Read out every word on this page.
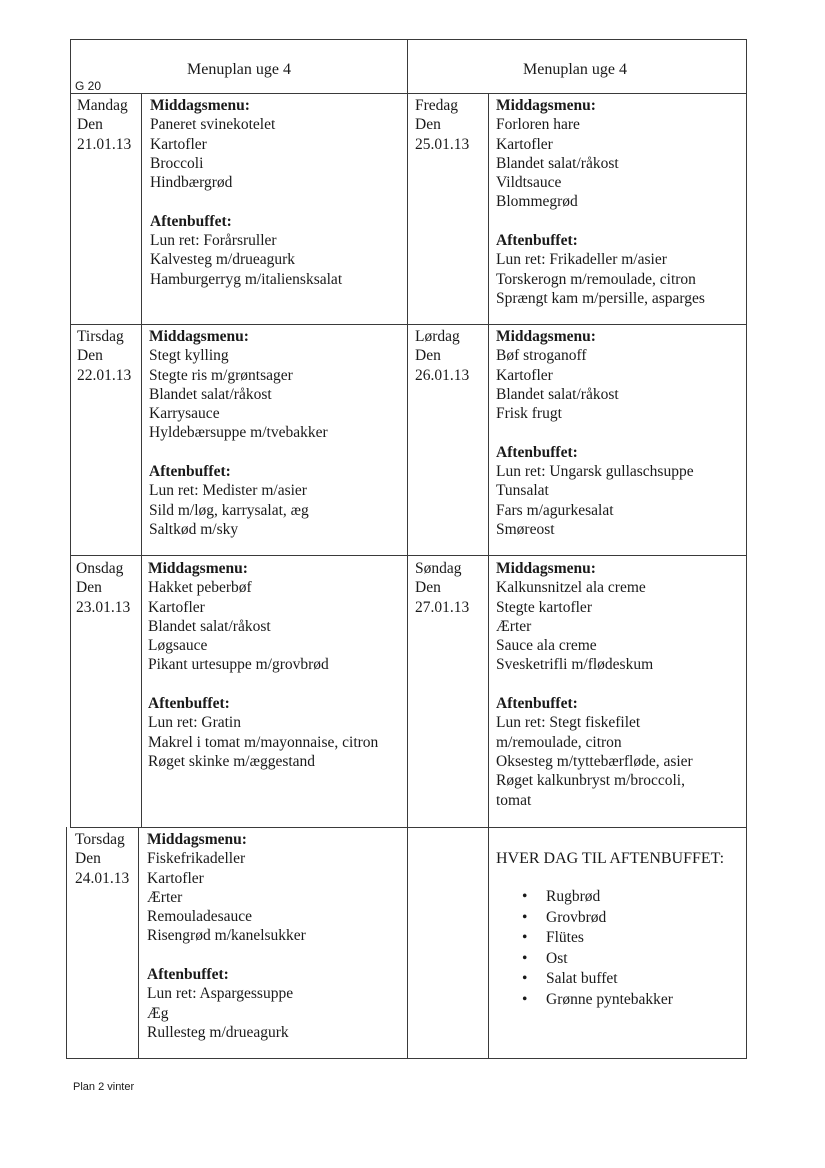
Menuplan uge 4	Menuplan uge 4
G 20
Mandag
Den
21.01.13
Middagsmenu:
Paneret svinekotelet
Kartofler
Broccoli
Hindbærgrød
Aftenbuffet:
Lun ret: Forårsruller
Kalvesteg m/drueagurk
Hamburgerryg m/italiensksalat
Fredag
Den
25.01.13
Middagsmenu:
Forloren hare
Kartofler
Blandet salat/råkost
Vildtsauce
Blommegrød
Aftenbuffet:
Lun ret: Frikadeller m/asier
Torskerogn m/remoulade, citron
Sprængt kam m/persille, asparges
Tirsdag
Den
22.01.13
Middagsmenu:
Stegt kylling
Stegte ris m/grøntsager
Blandet salat/råkost
Karrysauce
Hyldebærsuppe m/tvebakker
Aftenbuffet:
Lun ret: Medister m/asier
Sild m/løg, karrysalat, æg
Saltkød m/sky
Lørdag
Den
26.01.13
Middagsmenu:
Bøf stroganoff
Kartofler
Blandet salat/råkost
Frisk frugt
Aftenbuffet:
Lun ret: Ungarsk gullaschsuppe
Tunsalat
Fars m/agurkesalat
Smøreost
Onsdag
Den
23.01.13
Middagsmenu:
Hakket peberbøf
Kartofler
Blandet salat/råkost
Løgsauce
Pikant urtesuppe m/grovbrød
Aftenbuffet:
Lun ret: Gratin
Makrel i tomat m/mayonnaise, citron
Røget skinke m/æggestand
Søndag
Den
27.01.13
Middagsmenu:
Kalkunsnitzel ala creme
Stegte kartofler
Ærter
Sauce ala creme
Svesketrifli m/flødeskum
Aftenbuffet:
Lun ret: Stegt fiskefilet
m/remoulade, citron
Oksesteg m/tyttebærfløde, asier
Røget kalkunbryst m/broccoli,
tomat
Torsdag
Den
24.01.13
Middagsmenu:
Fiskefrikadeller
Kartofler
Ærter
Remouladesauce
Risengrød m/kanelsukker
Aftenbuffet:
Lun ret: Aspargessuppe
Æg
Rullesteg m/drueagurk
HVER DAG TIL AFTENBUFFET:
• Rugbrød
• Grovbrød
• Flütes
• Ost
• Salat buffet
• Grønne pyntebakker
Plan 2 vinter
